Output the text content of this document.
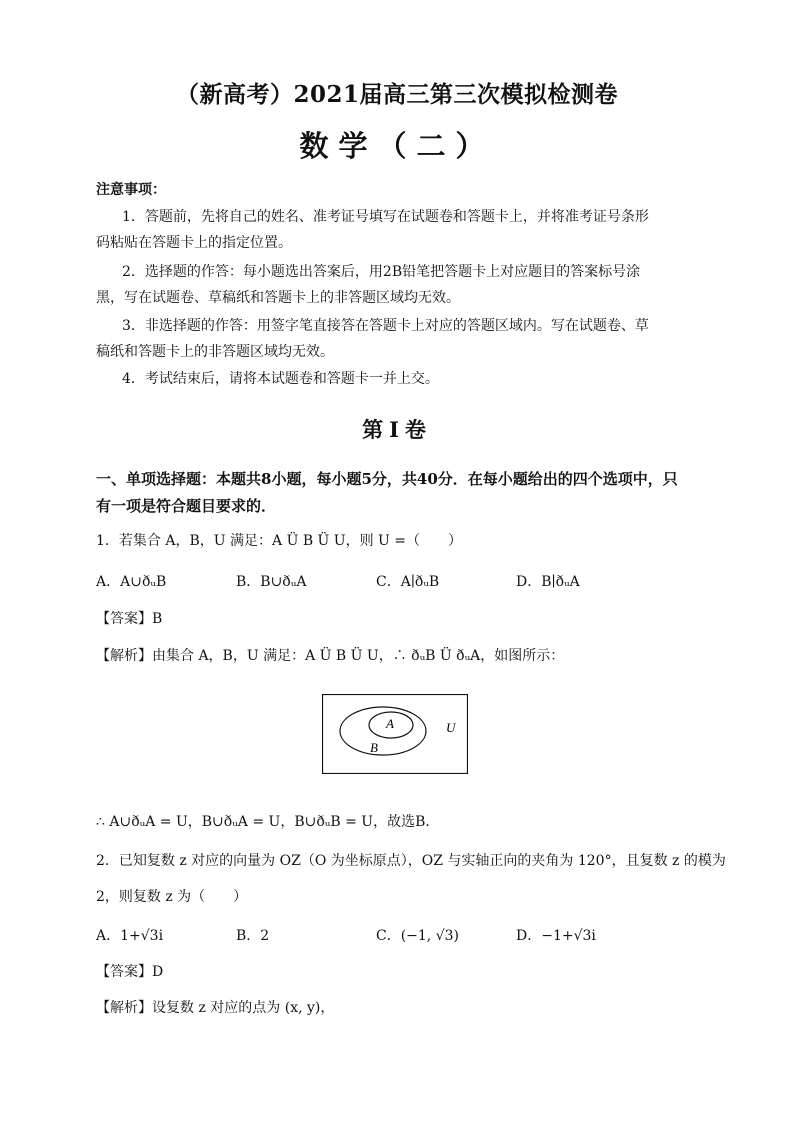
（新高考）2021届高三第三次模拟检测卷
数学（二）
注意事项：
1．答题前，先将自己的姓名、准考证号填写在试题卷和答题卡上，并将准考证号条形
码粘贴在答题卡上的指定位置。
2．选择题的作答：每小题选出答案后，用2B铅笔把答题卡上对应题目的答案标号涂
黑，写在试题卷、草稿纸和答题卡上的非答题区域均无效。
3．非选择题的作答：用签字笔直接答在答题卡上对应的答题区域内。写在试题卷、草
稿纸和答题卡上的非答题区域均无效。
4．考试结束后，请将本试题卷和答题卡一并上交。
第Ⅰ卷
一、单项选择题：本题共8小题，每小题5分，共40分．在每小题给出的四个选项中，只
有一项是符合题目要求的．
1．若集合 A，B，U 满足：A Ü B Ü U，则 U =（　　）
A．A∪ðᵤB	B．B∪ðᵤA	C．A∣ðᵤB	D．B∣ðᵤA
【答案】B
【解析】由集合 A，B，U 满足：A Ü B Ü U，∴ ðᵤB Ü ðᵤA，如图所示：
A
B
U
∴ A∪ðᵤA = U，B∪ðᵤA = U，B∪ðᵤB = U，故选B．
2．已知复数 z 对应的向量为 OZ（O 为坐标原点），OZ 与实轴正向的夹角为 120°，且复数 z 的模为
2，则复数 z 为（　　）
A．1+√3i	B．2	C．(−1, √3)	D．−1+√3i
【答案】D
【解析】设复数 z 对应的点为 (x, y)，
